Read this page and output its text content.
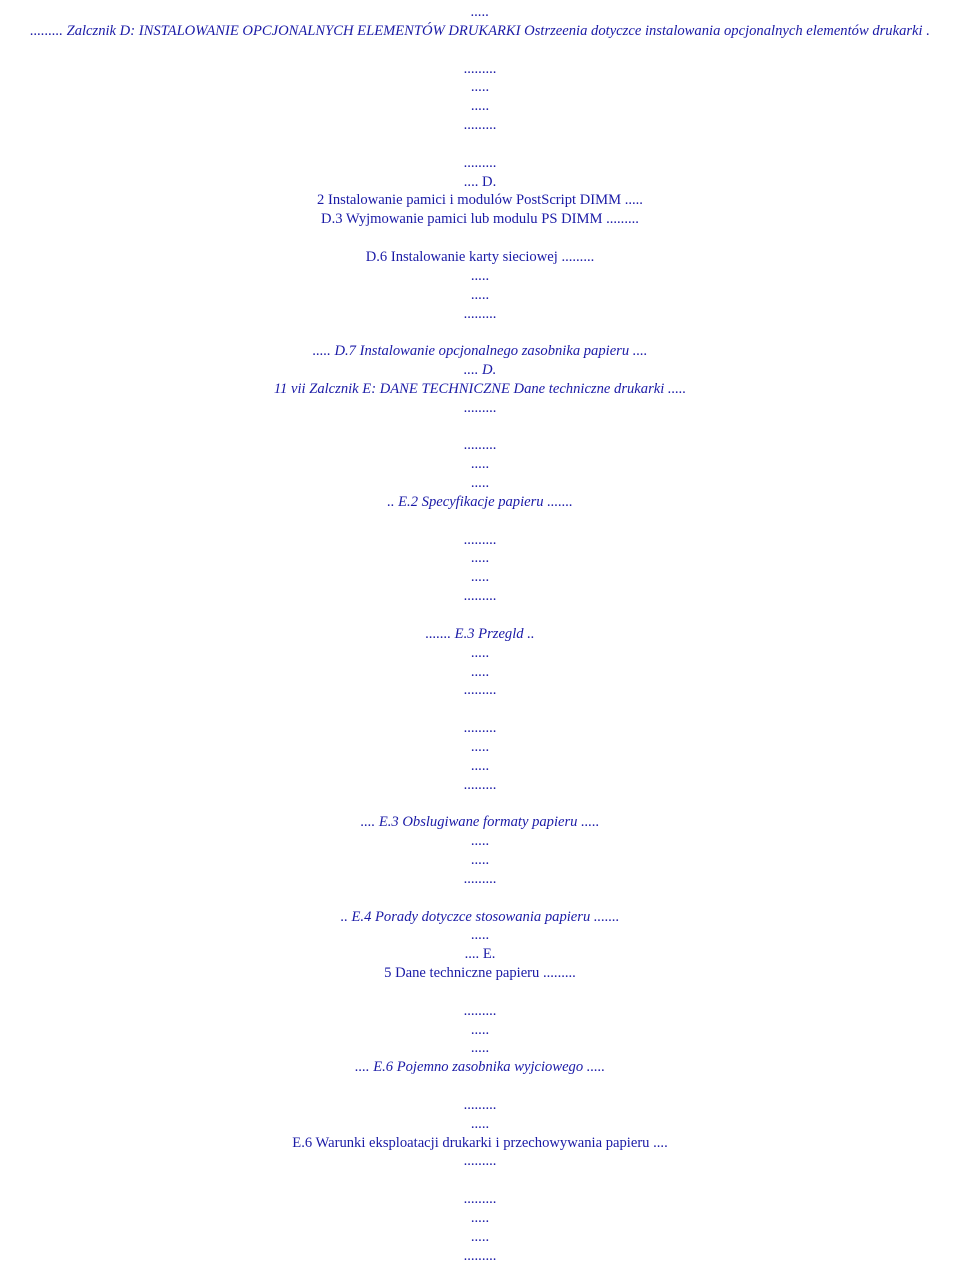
.....
......... Zalcznik D: INSTALOWANIE OPCJONALNYCH ELEMENTÓW DRUKARKI Ostrzeenia dotyczce instalowania opcjonalnych elementów drukarki .
.........
.....
.....
.........
.........
.... D.
2 Instalowanie pamici i modulów PostScript DIMM .....
D.3 Wyjmowanie pamici lub modulu PS DIMM .........
D.6 Instalowanie karty sieciowej .........
.....
.....
.........
..... D.7 Instalowanie opcjonalnego zasobnika papieru ....
.... D.
11 vii Zalcznik E: DANE TECHNICZNE Dane techniczne drukarki .....
.........
.........
.....
.....
.. E.2 Specyfikacje papieru .......
.........
.....
.....
.........
....... E.3 Przegld ..
.....
.....
.........
.........
.....
.....
.........
.... E.3 Obslugiwane formaty papieru .....
.....
.....
.........
.. E.4 Porady dotyczce stosowania papieru .......
.....
.... E.
5 Dane techniczne papieru .........
.........
.....
.....
.... E.6 Pojemno zasobnika wyjciowego .....
.........
.....
E.6 Warunki eksploatacji drukarki i przechowywania papieru ....
.........
.........
.....
.....
.........
